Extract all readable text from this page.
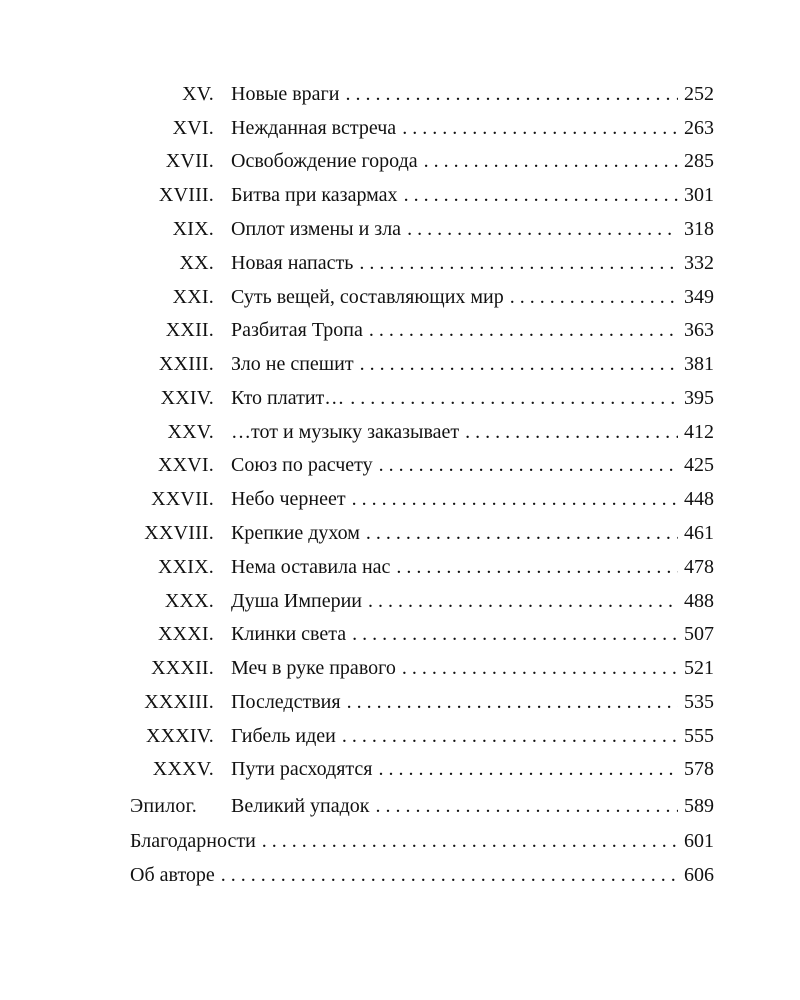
XV. Новые враги . . .	252
XVI. Нежданная встреча . . .	263
XVII. Освобождение города . . .	285
XVIII. Битва при казармах . . .	301
XIX. Оплот измены и зла . . .	318
XX. Новая напасть . . .	332
XXI. Суть вещей, составляющих мир . . .	349
XXII. Разбитая Тропа . . .	363
XXIII. Зло не спешит . . .	381
XXIV. Кто платит… . . .	395
XXV. …тот и музыку заказывает . . .	412
XXVI. Союз по расчету . . .	425
XXVII. Небо чернеет . . .	448
XXVIII. Крепкие духом . . .	461
XXIX. Нема оставила нас . . .	478
XXX. Душа Империи . . .	488
XXXI. Клинки света . . .	507
XXXII. Меч в руке правого . . .	521
XXXIII. Последствия . . .	535
XXXIV. Гибель идеи . . .	555
XXXV. Пути расходятся . . .	578
Эпилог. Великий упадок . . .	589
Благодарности . . .	601
Об авторе . . .	606
